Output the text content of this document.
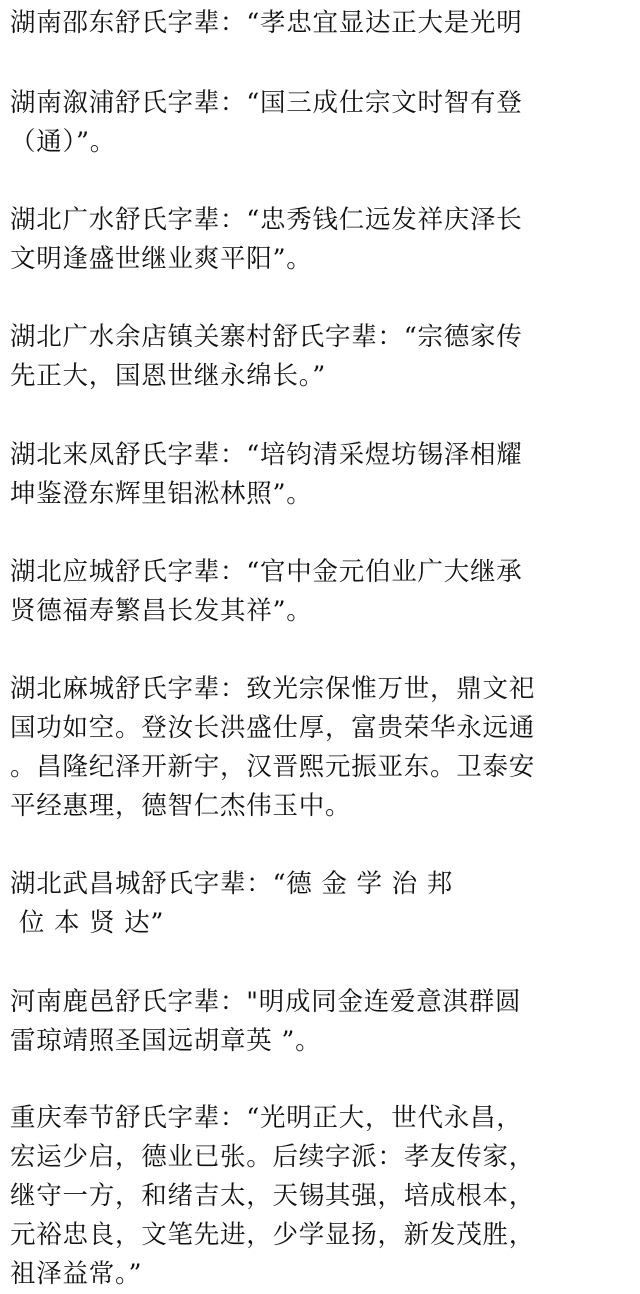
湖南邵东舒氏字辈：“孝忠宜显达正大是光明

湖南溆浦舒氏字辈：“国三成仕宗文时智有登
（通）”。

湖北广水舒氏字辈：“忠秀钱仁远发祥庆泽长
文明逢盛世继业爽平阳”。

湖北广水余店镇关寨村舒氏字辈：“宗德家传
先正大，国恩世继永绵长。”

湖北来凤舒氏字辈：“培钧清采煜坊锡泽相耀
坤鉴澄东辉里铝淞林照”。

湖北应城舒氏字辈：“官中金元伯业广大继承
贤德福寿繁昌长发其祥”。

湖北麻城舒氏字辈：致光宗保惟万世，鼎文祀
国功如空。登汝长洪盛仕厚，富贵荣华永远通
。昌隆纪泽开新宇，汉晋熙元振亚东。卫泰安
平经惠理，德智仁杰伟玉中。

湖北武昌城舒氏字辈：“德 金 学 治 邦
位 本 贤 达”

河南鹿邑舒氏字辈："明成同金连爱意淇群圆
雷琼靖照圣国远胡章英 ”。

重庆奉节舒氏字辈：“光明正大，世代永昌，
宏运少启，德业已张。后续字派：孝友传家，
继守一方，和绪吉太，天锡其强，培成根本，
元裕忠良，文笔先进，少学显扬，新发茂胜，
祖泽益常。”
